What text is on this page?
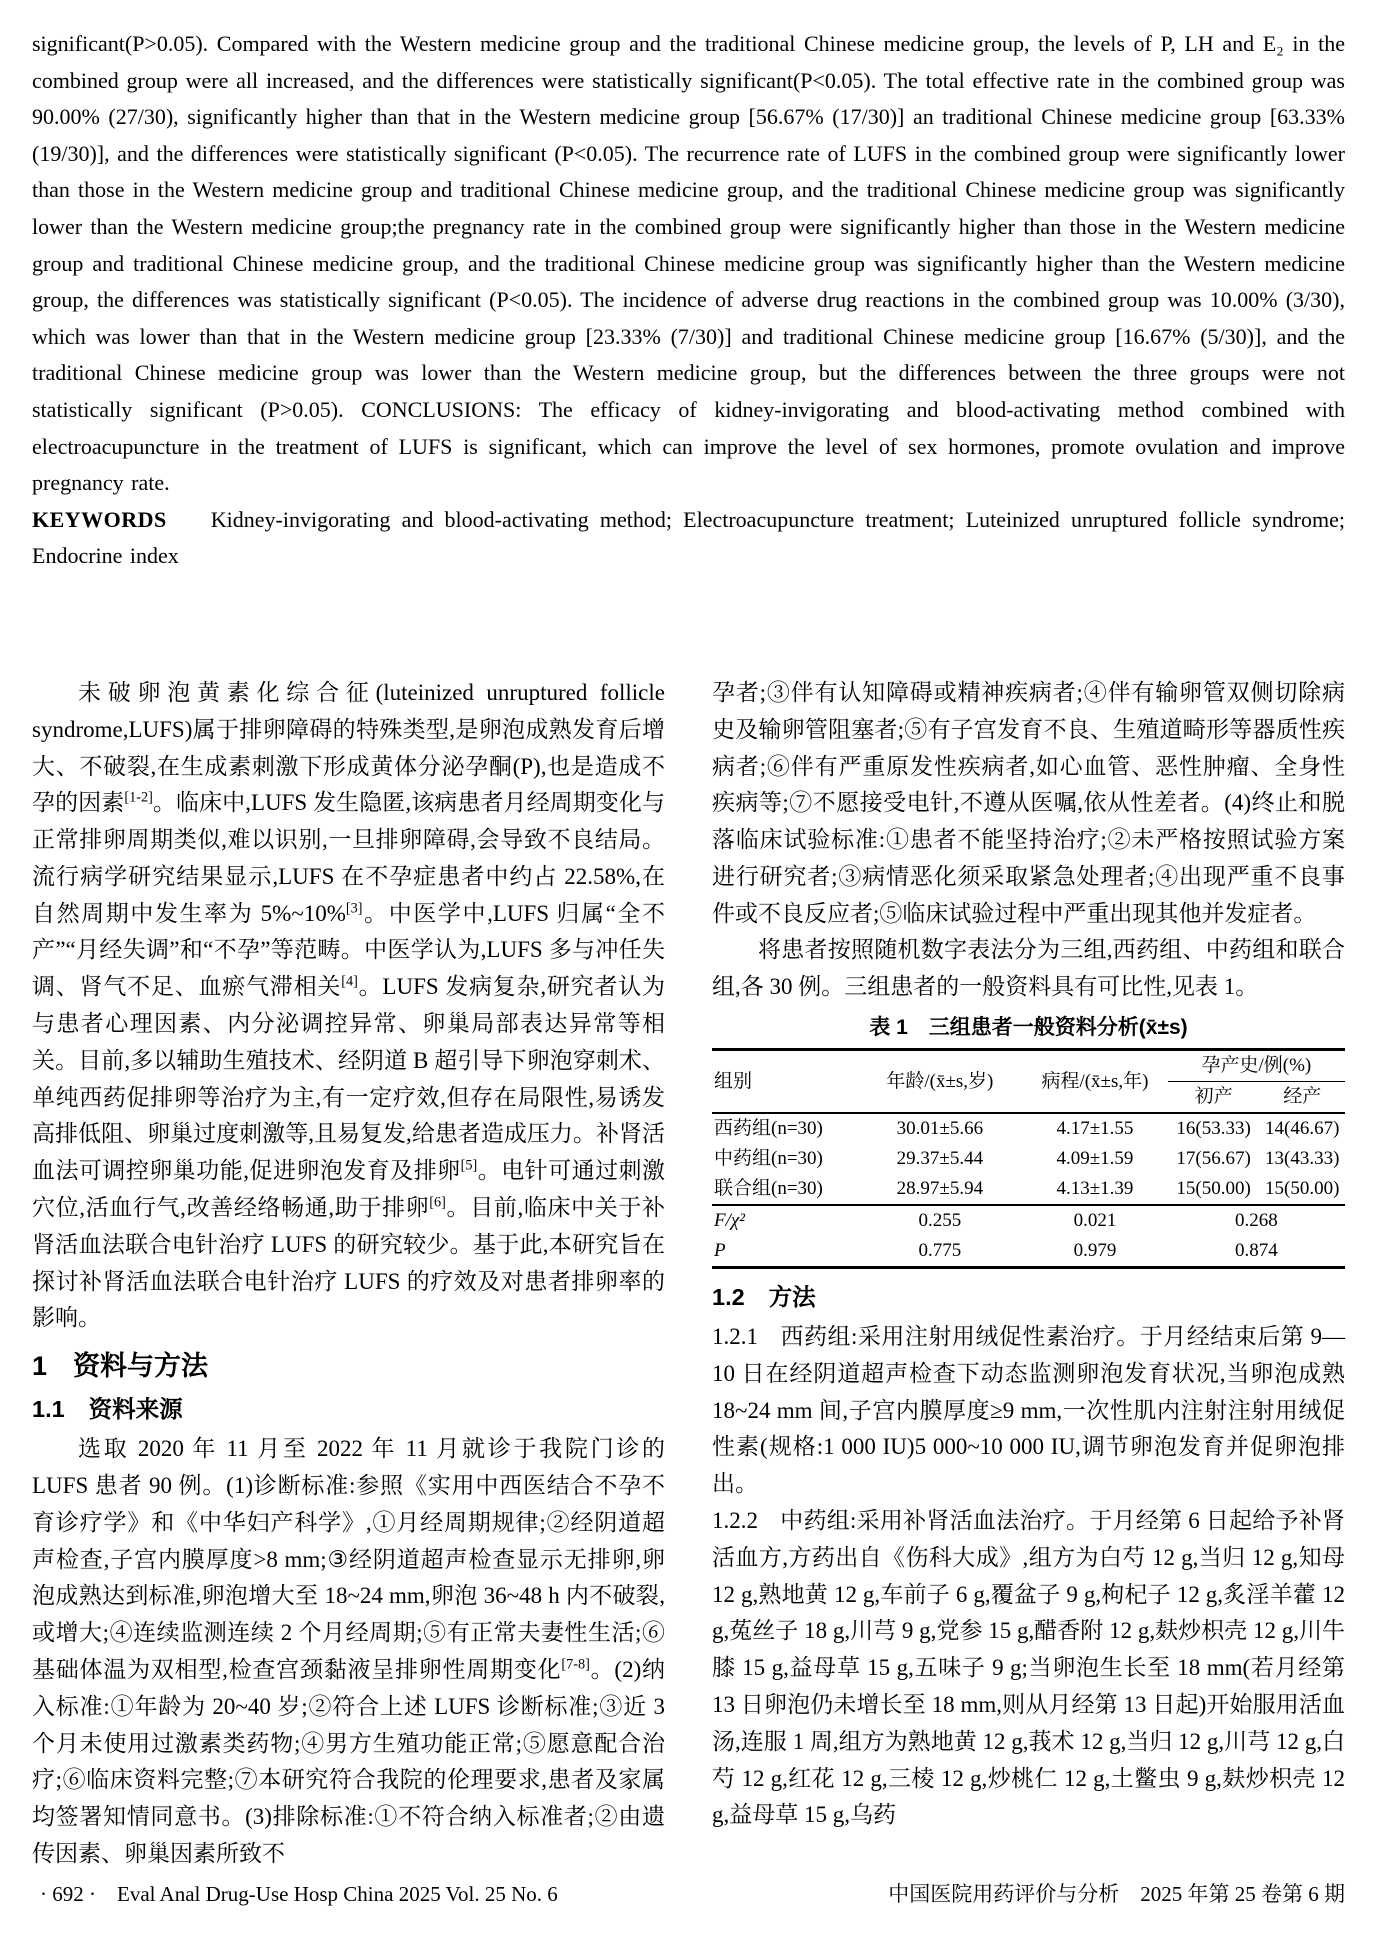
significant(P>0.05). Compared with the Western medicine group and the traditional Chinese medicine group, the levels of P, LH and E₂ in the combined group were all increased, and the differences were statistically significant(P<0.05). The total effective rate in the combined group was 90.00% (27/30), significantly higher than that in the Western medicine group [56.67% (17/30)] an traditional Chinese medicine group [63.33% (19/30)], and the differences were statistically significant (P<0.05). The recurrence rate of LUFS in the combined group were significantly lower than those in the Western medicine group and traditional Chinese medicine group, and the traditional Chinese medicine group was significantly lower than the Western medicine group;the pregnancy rate in the combined group were significantly higher than those in the Western medicine group and traditional Chinese medicine group, and the traditional Chinese medicine group was significantly higher than the Western medicine group, the differences was statistically significant (P<0.05). The incidence of adverse drug reactions in the combined group was 10.00% (3/30), which was lower than that in the Western medicine group [23.33% (7/30)] and traditional Chinese medicine group [16.67% (5/30)], and the traditional Chinese medicine group was lower than the Western medicine group, but the differences between the three groups were not statistically significant (P>0.05). CONCLUSIONS: The efficacy of kidney-invigorating and blood-activating method combined with electroacupuncture in the treatment of LUFS is significant, which can improve the level of sex hormones, promote ovulation and improve pregnancy rate.

KEYWORDS Kidney-invigorating and blood-activating method; Electroacupuncture treatment; Luteinized unruptured follicle syndrome; Endocrine index

未破卵泡黄素化综合征(luteinized unruptured follicle syndrome,LUFS)属于排卵障碍的特殊类型,是卵泡成熟发育后增大、不破裂,在生成素刺激下形成黄体分泌孕酮(P),也是造成不孕的因素[1-2]。临床中,LUFS 发生隐匿,该病患者月经周期变化与正常排卵周期类似,难以识别,一旦排卵障碍,会导致不良结局。流行病学研究结果显示,LUFS 在不孕症患者中约占 22.58%,在自然周期中发生率为 5%~10%[3]。中医学中,LUFS 归属“全不产”“月经失调”和“不孕”等范畴。中医学认为,LUFS 多与冲任失调、肾气不足、血瘀气滞相关[4]。LUFS 发病复杂,研究者认为与患者心理因素、内分泌调控异常、卵巢局部表达异常等相关。目前,多以辅助生殖技术、经阴道 B 超引导下卵泡穿刺术、单纯西药促排卵等治疗为主,有一定疗效,但存在局限性,易诱发高排低阻、卵巢过度刺激等,且易复发,给患者造成压力。补肾活血法可调控卵巢功能,促进卵泡发育及排卵[5]。电针可通过刺激穴位,活血行气,改善经络畅通,助于排卵[6]。目前,临床中关于补肾活血法联合电针治疗 LUFS 的研究较少。基于此,本研究旨在探讨补肾活血法联合电针治疗 LUFS 的疗效及对患者排卵率的影响。

1 资料与方法
1.1 资料来源

选取 2020 年 11 月至 2022 年 11 月就诊于我院门诊的 LUFS 患者 90 例。(1)诊断标准:参照《实用中西医结合不孕不育诊疗学》和《中华妇产科学》,①月经周期规律;②经阴道超声检查,子宫内膜厚度>8 mm;③经阴道超声检查显示无排卵,卵泡成熟达到标准,卵泡增大至 18~24 mm,卵泡 36~48 h 内不破裂,或增大;④连续监测连续 2 个月经周期;⑤有正常夫妻性生活;⑥基础体温为双相型,检查宫颈黏液呈排卵性周期变化[7-8]。(2)纳入标准:①年龄为 20~40 岁;②符合上述 LUFS 诊断标准;③近 3 个月未使用过激素类药物;④男方生殖功能正常;⑤愿意配合治疗;⑥临床资料完整;⑦本研究符合我院的伦理要求,患者及家属均签署知情同意书。(3)排除标准:①不符合纳入标准者;②由遗传因素、卵巢因素所致不

孕者;③伴有认知障碍或精神疾病者;④伴有输卵管双侧切除病史及输卵管阻塞者;⑤有子宫发育不良、生殖道畸形等器质性疾病者;⑥伴有严重原发性疾病者,如心血管、恶性肿瘤、全身性疾病等;⑦不愿接受电针,不遵从医嘱,依从性差者。(4)终止和脱落临床试验标准:①患者不能坚持治疗;②未严格按照试验方案进行研究者;③病情恶化须采取紧急处理者;④出现严重不良事件或不良反应者;⑤临床试验过程中严重出现其他并发症者。

将患者按照随机数字表法分为三组,西药组、中药组和联合组,各 30 例。三组患者的一般资料具有可比性,见表 1。

表 1　三组患者一般资料分析(x̄±s)
组别	年龄/(x̄±s,岁)	病程/(x̄±s,年)	孕产史/例(%)	
			初产	经产
西药组(n=30)	30.01±5.66	4.17±1.55	16(53.33)	14(46.67)
中药组(n=30)	29.37±5.44	4.09±1.59	17(56.67)	13(43.33)
联合组(n=30)	28.97±5.94	4.13±1.39	15(50.00)	15(50.00)
F/χ²	0.255	0.021	0.268	
P	0.775	0.979	0.874	
1.2 方法

1.2.1 西药组:采用注射用绒促性素治疗。于月经结束后第 9—10 日在经阴道超声检查下动态监测卵泡发育状况,当卵泡成熟 18~24 mm 间,子宫内膜厚度≥9 mm,一次性肌内注射注射用绒促性素(规格:1 000 IU)5 000~10 000 IU,调节卵泡发育并促卵泡排出。

1.2.2 中药组:采用补肾活血法治疗。于月经第 6 日起给予补肾活血方,方药出自《伤科大成》,组方为白芍 12 g,当归 12 g,知母 12 g,熟地黄 12 g,车前子 6 g,覆盆子 9 g,枸杞子 12 g,炙淫羊藿 12 g,菟丝子 18 g,川芎 9 g,党参 15 g,醋香附 12 g,麸炒枳壳 12 g,川牛膝 15 g,益母草 15 g,五味子 9 g;当卵泡生长至 18 mm(若月经第 13 日卵泡仍未增长至 18 mm,则从月经第 13 日起)开始服用活血汤,连服 1 周,组方为熟地黄 12 g,莪术 12 g,当归 12 g,川芎 12 g,白芍 12 g,红花 12 g,三棱 12 g,炒桃仁 12 g,土鳖虫 9 g,麸炒枳壳 12 g,益母草 15 g,乌药

· 692 ·　Eval Anal Drug-Use Hosp China 2025 Vol. 25 No. 6	中国医院用药评价与分析　2025 年第 25 卷第 6 期
